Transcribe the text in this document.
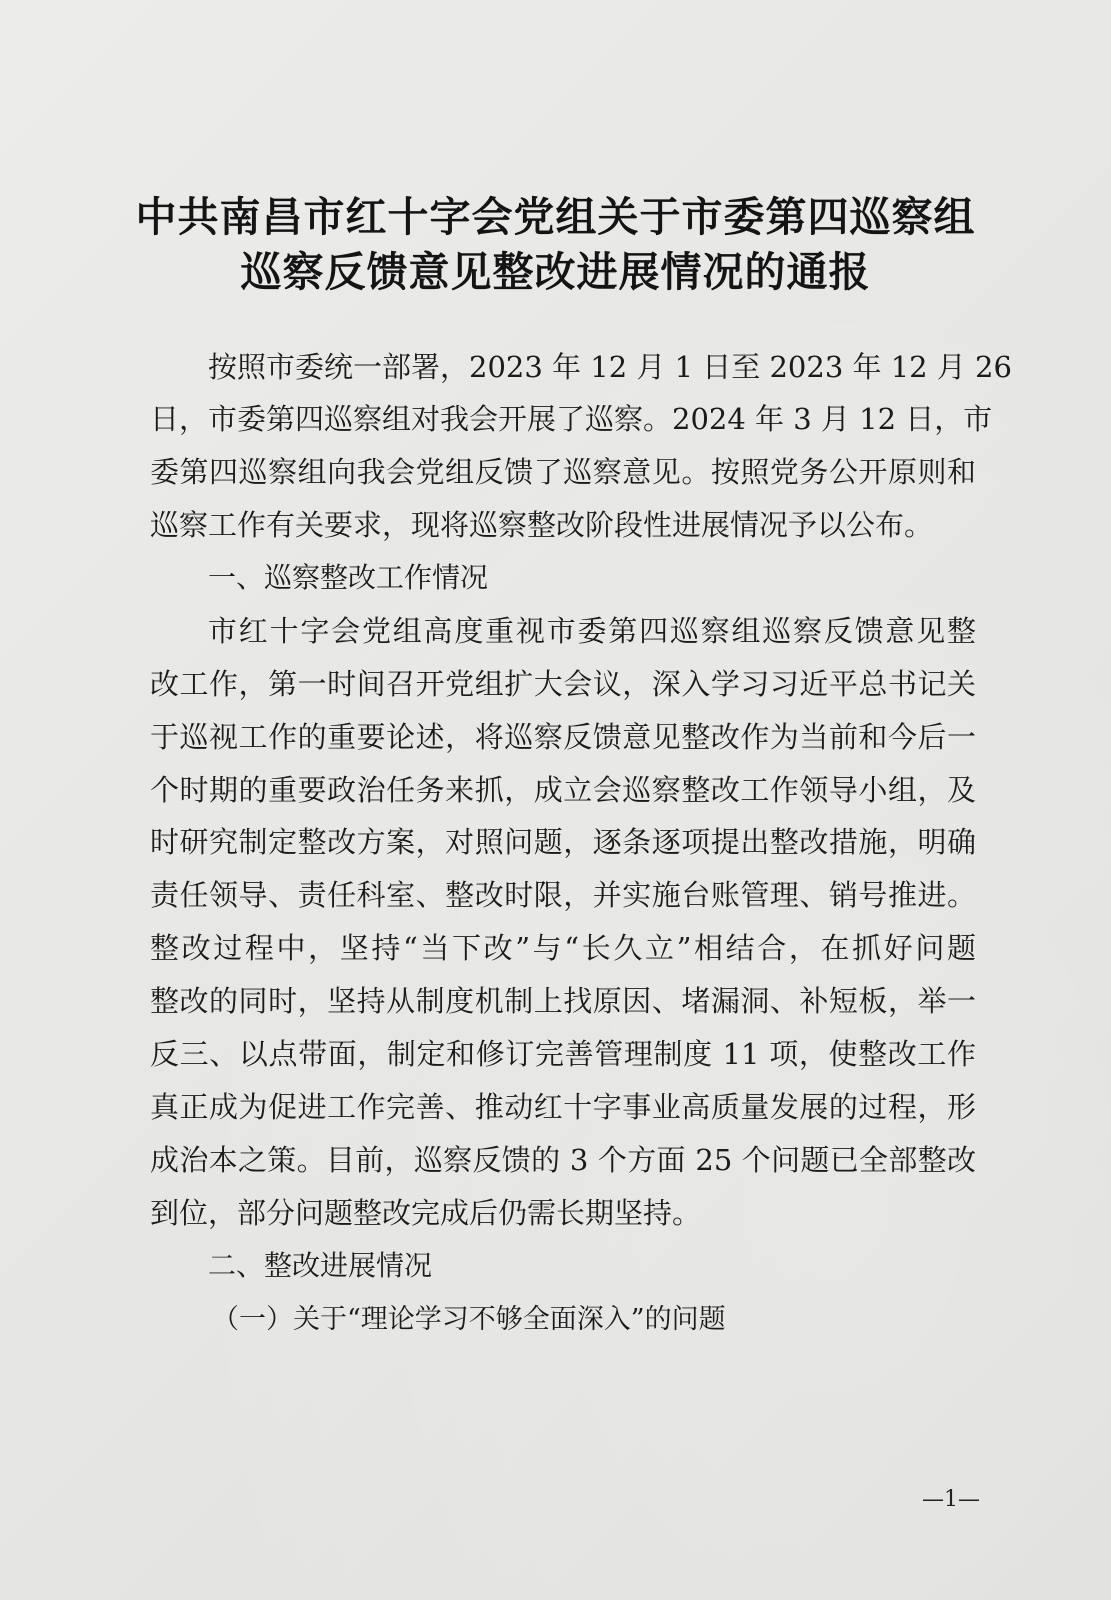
中共南昌市红十字会党组关于市委第四巡察组
巡察反馈意见整改进展情况的通报

按照市委统一部署，2023 年 12 月 1 日至 2023 年 12 月 26

日，市委第四巡察组对我会开展了巡察。2024 年 3 月 12 日，市

委第四巡察组向我会党组反馈了巡察意见。按照党务公开原则和

巡察工作有关要求，现将巡察整改阶段性进展情况予以公布。

一、巡察整改工作情况

市红十字会党组高度重视市委第四巡察组巡察反馈意见整

改工作，第一时间召开党组扩大会议，深入学习习近平总书记关

于巡视工作的重要论述，将巡察反馈意见整改作为当前和今后一

个时期的重要政治任务来抓，成立会巡察整改工作领导小组，及

时研究制定整改方案，对照问题，逐条逐项提出整改措施，明确

责任领导、责任科室、整改时限，并实施台账管理、销号推进。

整改过程中，坚持“当下改”与“长久立”相结合，在抓好问题

整改的同时，坚持从制度机制上找原因、堵漏洞、补短板，举一

反三、以点带面，制定和修订完善管理制度 11 项，使整改工作

真正成为促进工作完善、推动红十字事业高质量发展的过程，形

成治本之策。目前，巡察反馈的 3 个方面 25 个问题已全部整改

到位，部分问题整改完成后仍需长期坚持。

二、整改进展情况

（一）关于“理论学习不够全面深入”的问题

—1—
